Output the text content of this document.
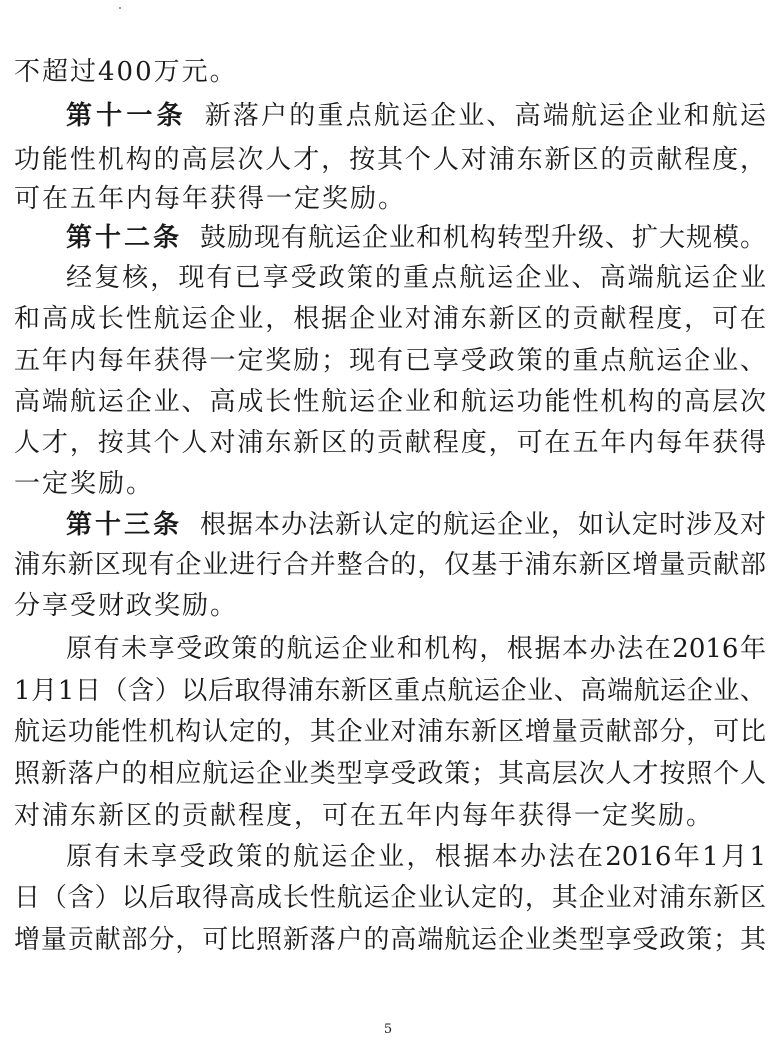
不超过400万元。
第十一条 新落户的重点航运企业、高端航运企业和航运
功能性机构的高层次人才，按其个人对浦东新区的贡献程度，
可在五年内每年获得一定奖励。
第十二条 鼓励现有航运企业和机构转型升级、扩大规模。
经复核，现有已享受政策的重点航运企业、高端航运企业
和高成长性航运企业，根据企业对浦东新区的贡献程度，可在
五年内每年获得一定奖励；现有已享受政策的重点航运企业、
高端航运企业、高成长性航运企业和航运功能性机构的高层次
人才，按其个人对浦东新区的贡献程度，可在五年内每年获得
一定奖励。
第十三条 根据本办法新认定的航运企业，如认定时涉及对
浦东新区现有企业进行合并整合的，仅基于浦东新区增量贡献部
分享受财政奖励。
原有未享受政策的航运企业和机构，根据本办法在2016年
1月1日（含）以后取得浦东新区重点航运企业、高端航运企业、
航运功能性机构认定的，其企业对浦东新区增量贡献部分，可比
照新落户的相应航运企业类型享受政策；其高层次人才按照个人
对浦东新区的贡献程度，可在五年内每年获得一定奖励。
原有未享受政策的航运企业，根据本办法在2016年1月1
日（含）以后取得高成长性航运企业认定的，其企业对浦东新区
增量贡献部分，可比照新落户的高端航运企业类型享受政策；其
5
